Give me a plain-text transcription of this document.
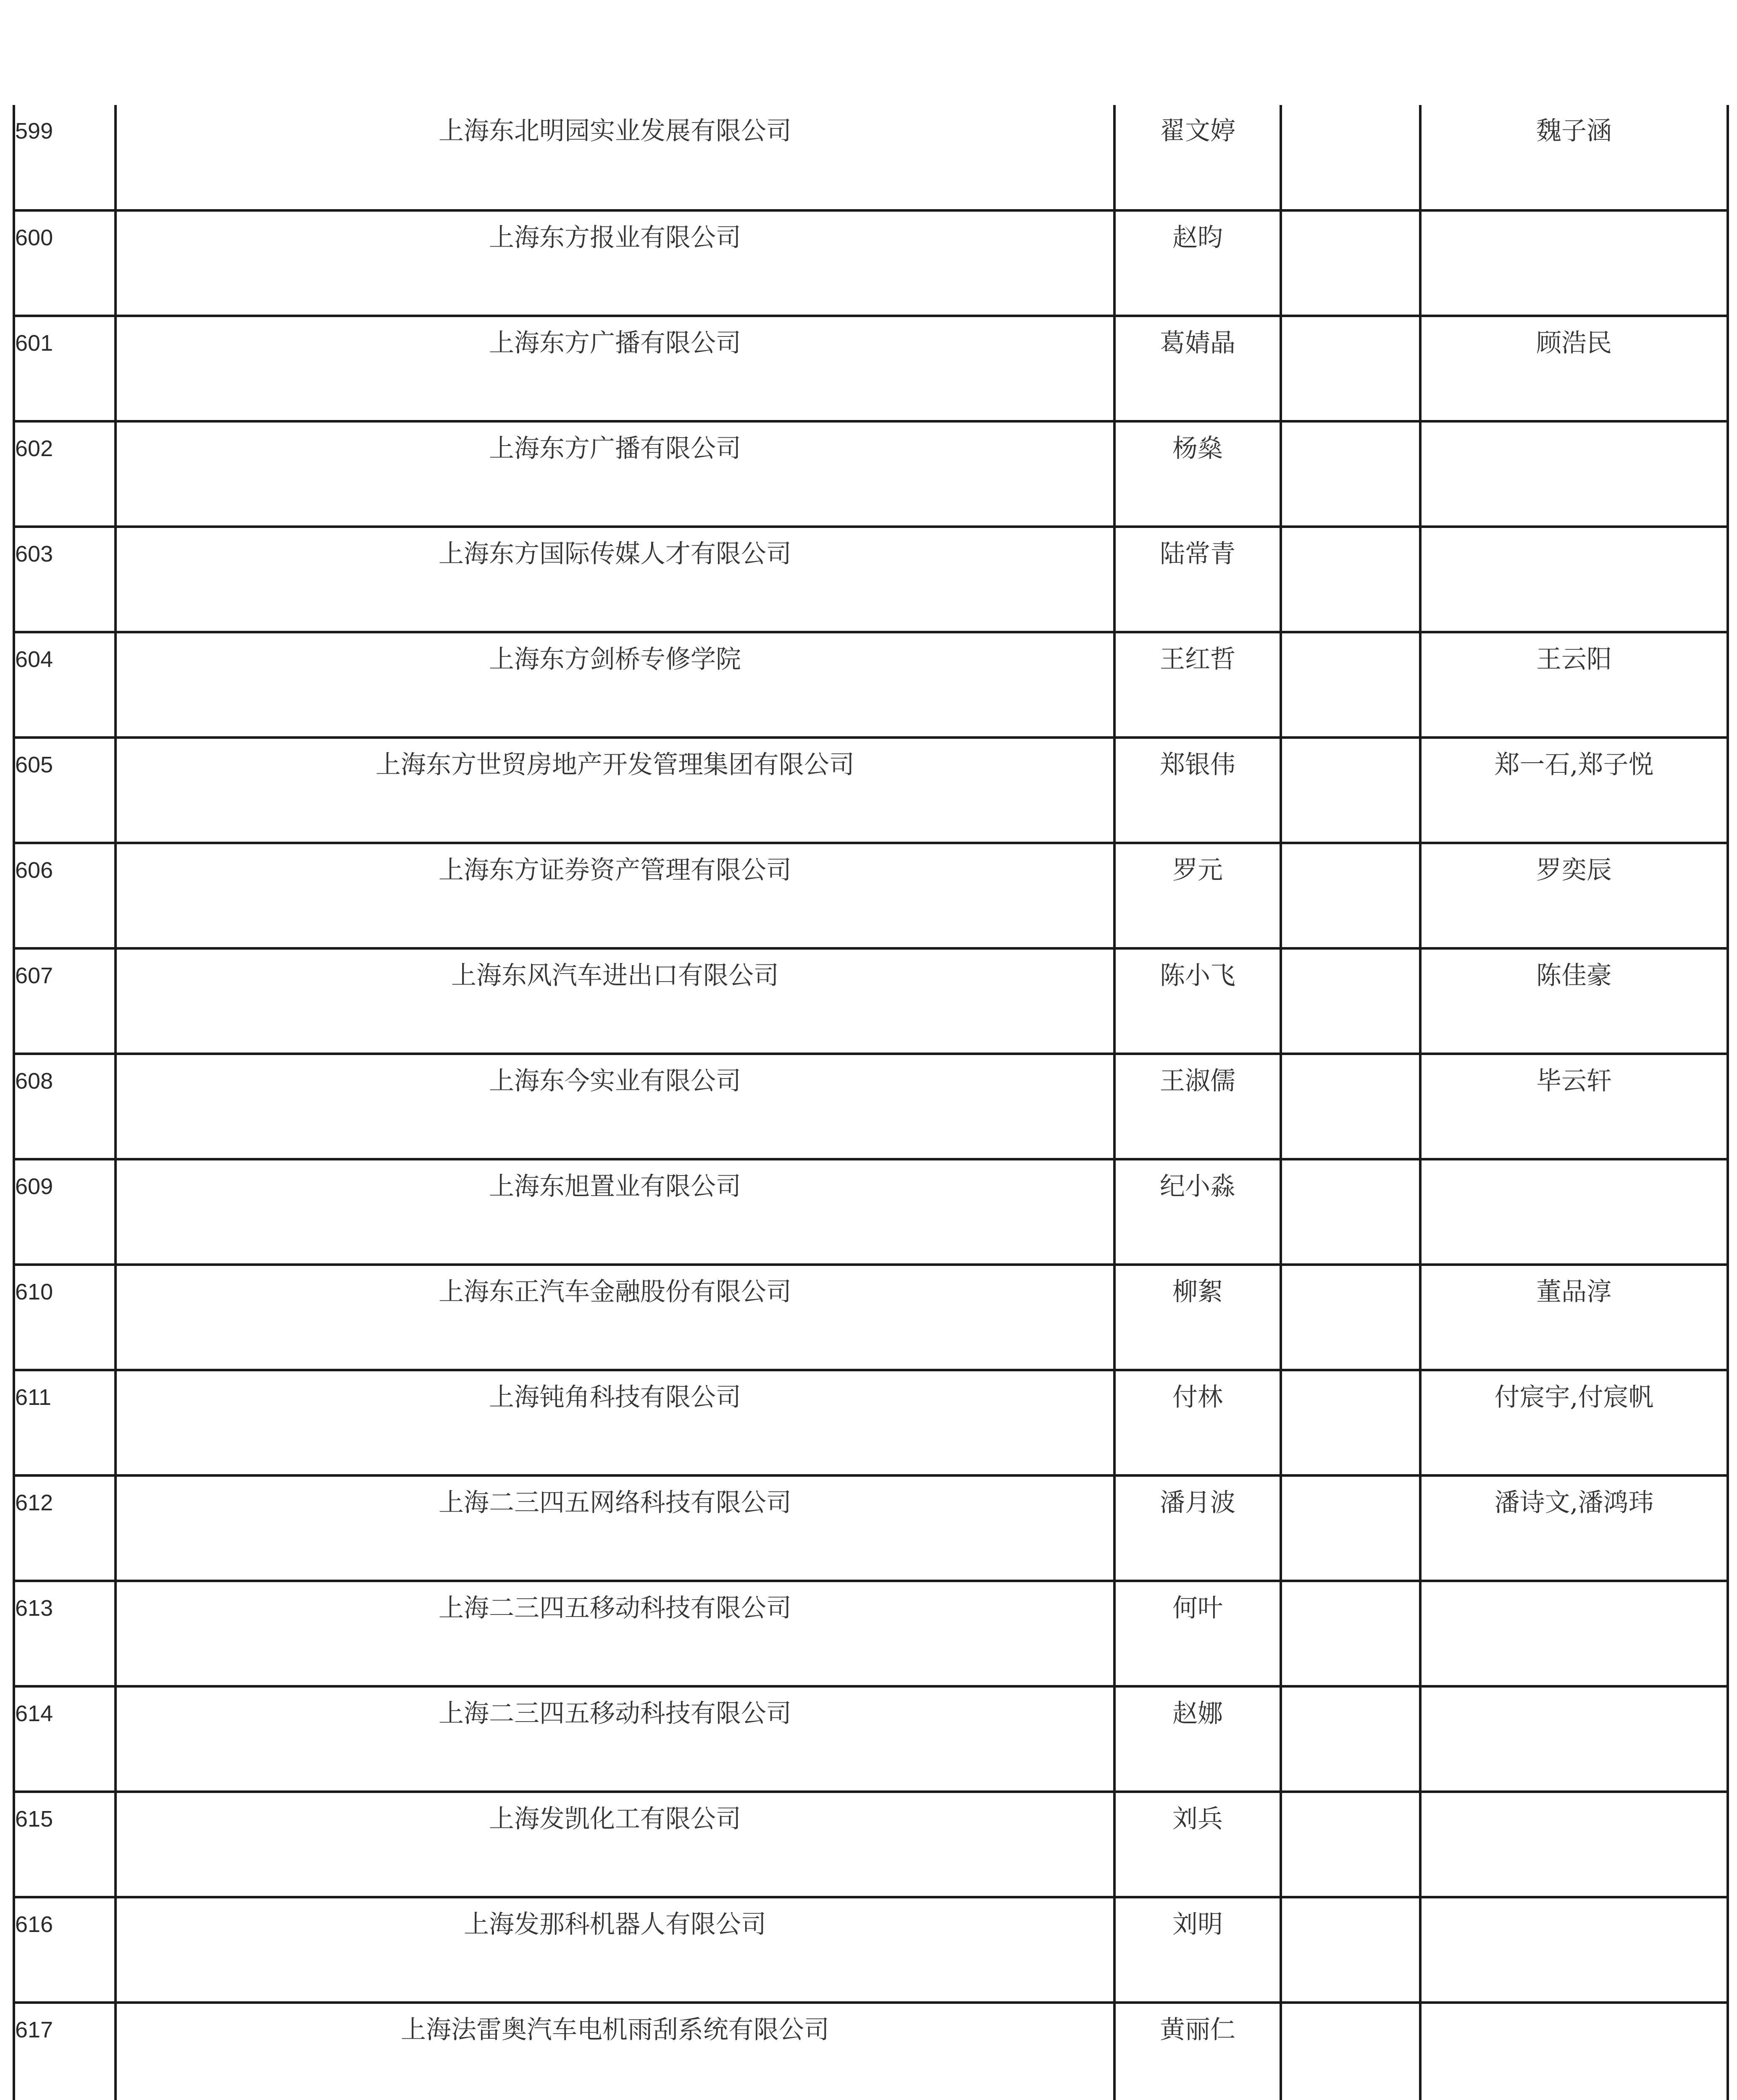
599	上海东北明园实业发展有限公司	翟文婷		魏子涵

600	上海东方报业有限公司	赵昀		

601	上海东方广播有限公司	葛婧晶		顾浩民

602	上海东方广播有限公司	杨燊		

603	上海东方国际传媒人才有限公司	陆常青		

604	上海东方剑桥专修学院	王红哲		王云阳

605	上海东方世贸房地产开发管理集团有限公司	郑银伟		郑一石,郑子悦

606	上海东方证券资产管理有限公司	罗元		罗奕辰

607	上海东风汽车进出口有限公司	陈小飞		陈佳豪

608	上海东今实业有限公司	王淑儒		毕云轩

609	上海东旭置业有限公司	纪小淼		

610	上海东正汽车金融股份有限公司	柳絮		董品淳

611	上海钝角科技有限公司	付林		付宸宇,付宸帆

612	上海二三四五网络科技有限公司	潘月波		潘诗文,潘鸿玮

613	上海二三四五移动科技有限公司	何叶		

614	上海二三四五移动科技有限公司	赵娜		

615	上海发凯化工有限公司	刘兵		

616	上海发那科机器人有限公司	刘明		

617	上海法雷奥汽车电机雨刮系统有限公司	黄丽仁		
